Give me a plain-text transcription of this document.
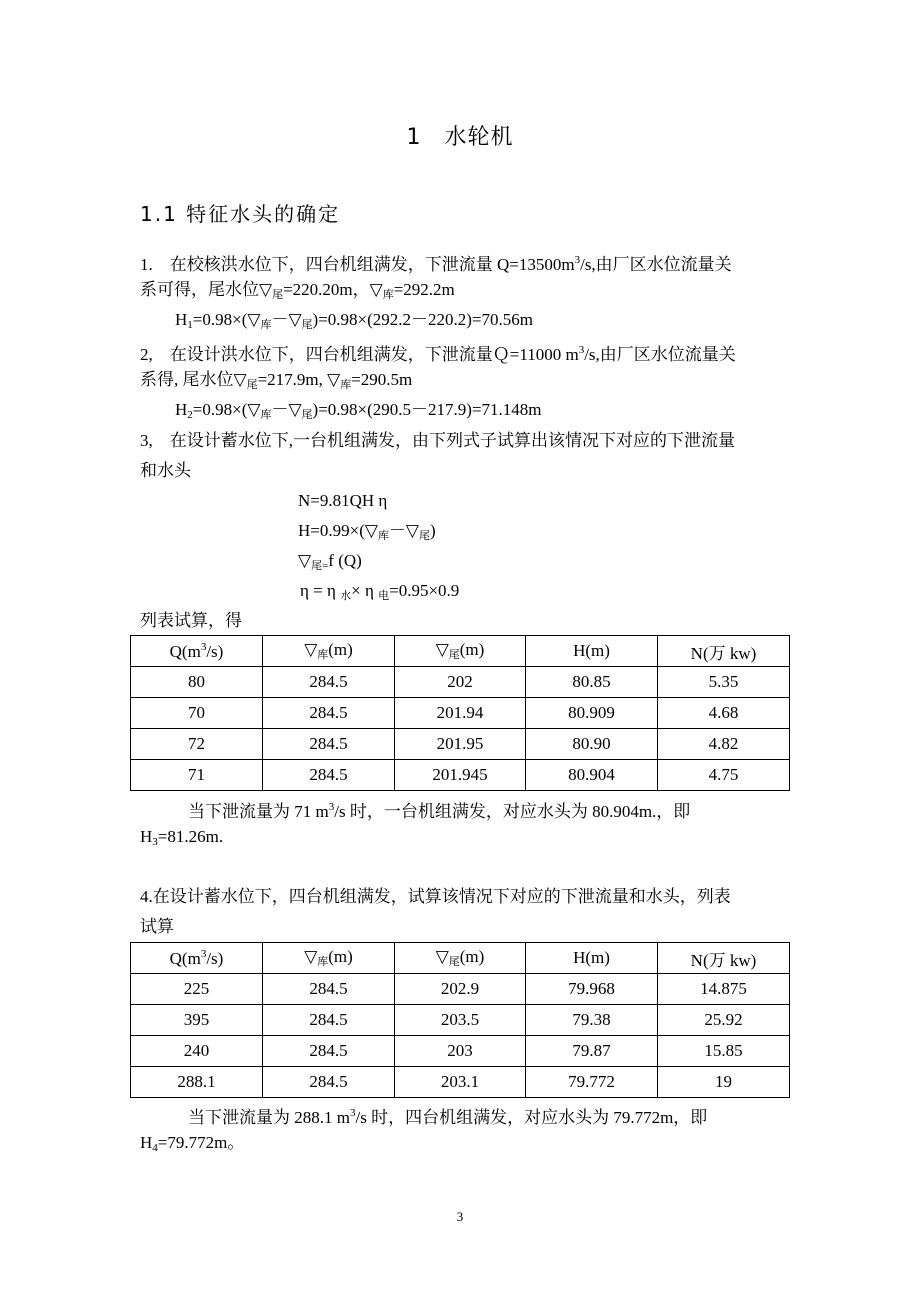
1　水轮机
1.1 特征水头的确定
1.　在校核洪水位下，四台机组满发，下泄流量 $Q=13500m^3/s$,由厂区水位流量关
系可得，尾水位$▽_尾=220.20m$，$▽_库=292.2m$
$H_1=0.98\times(▽_库-▽_尾)=0.98\times(292.2-220.2)=70.56m$
2,　在设计洪水位下，四台机组满发，下泄流量Ｑ=11000 $m^3/s$,由厂区水位流量关
系得, 尾水位$▽_尾=217.9m$, $▽_库=290.5m$
$H_2=0.98\times(▽_库-▽_尾)=0.98\times(290.5-217.9)=71.148m$
3,　在设计蓄水位下,一台机组满发，由下列式子试算出该情况下对应的下泄流量
和水头
N=9.81QH η
$H=0.99\times(▽_库-▽_尾)$
$▽_{尾=}f$ (Q)
η = η $_水$× η $_电$=0.95×0.9
列表试算，得
$Q(m^3/s)$	$▽_库(m)$	$▽_尾(m)$	H(m)	N(万 kw)
80	284.5	202	80.85	5.35
70	284.5	201.94	80.909	4.68
72	284.5	201.95	80.90	4.82
71	284.5	201.945	80.904	4.75
当下泄流量为 71 $m^3/s$ 时，一台机组满发，对应水头为 80.904m.，即
$H_3=81.26m$.
4.在设计蓄水位下，四台机组满发，试算该情况下对应的下泄流量和水头，列表
试算
$Q(m^3/s)$	$▽_库(m)$	$▽_尾(m)$	H(m)	N(万 kw)
225	284.5	202.9	79.968	14.875
395	284.5	203.5	79.38	25.92
240	284.5	203	79.87	15.85
288.1	284.5	203.1	79.772	19
当下泄流量为 288.1 $m^3/s$ 时，四台机组满发，对应水头为 79.772m，即
$H_4=79.772m$。
3
